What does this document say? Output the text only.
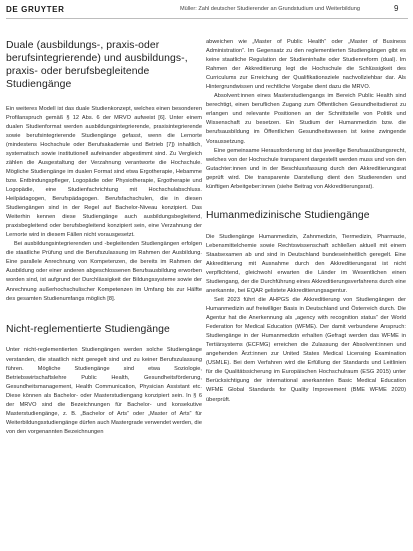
DE GRUYTER	Müller: Zahl deutscher Studierender an Grundstudium und Weiterbildung	9
Duale (ausbildungs-, praxis-oder berufsintegrierende) und ausbildungs-, praxis- oder berufsbegleitende Studiengänge

Ein weiteres Modell ist das duale Studienkonzept, welches einen besonderen Profilanspruch gemäß § 12 Abs. 6 der MRVO aufweist [6]. Unter einem dualen Studienformat werden ausbildungsintegrierende, praxisintegrierende sowie berufsintegrierende Studiengänge gefasst, wenn die Lernorte (mindestens Hochschule oder Berufsakademie und Betrieb [7]) inhaltlich, systematisch sowie institutionell aufeinander abgestimmt sind. Zu Vergleich zählen die Ausgestaltung der Verzahnung verantworte die Hochschule. Mögliche Studiengänge im dualen Format sind etwa Ergotherapie, Hebamme bzw. Entbindungspfleger, Logopädie oder Physiotherapie, Ergotherapie und Logopädie, eine Studienfachrichtung mit Hochschulabschluss. Heilpädagogen, Berufspädagogen. Berufsfachschulen, die in diesen Studiengängen sind in der Regel auf Bachelor-Niveau konzipiert. Das Weiterhin kennen diese Studiengänge auch ausbildungsbegleitend, praxisbegleitend oder berufsbegleitend konzipiert sein, eine Verzahnung der Lernorte wird in diesem Fällen nicht vorausgesetzt.

Bei ausbildungsintegrierenden und -begleitenden Studiengängen erfolgen die staatliche Prüfung und die Berufszulassung im Rahmen der Ausbildung. Eine parallele Anrechnung von Kompetenzen, die bereits im Rahmen der Ausbildung oder einer anderen abgeschlossenen Berufsausbildung erworben worden sind, ist aufgrund der Durchlässigkeit der Bildungssysteme sowie der Anrechnung außerhochschulischer Kompetenzen im Umfang bis zur Hälfte des gesamten Studienumfangs möglich [8].

Nicht-reglementierte Studiengänge

Unter nicht-reglementierten Studiengängen werden solche Studiengänge verstanden, die staatlich nicht geregelt sind und zu keiner Berufszulassung führen. Mögliche Studiengänge sind etwa Soziologie, Betriebswirtschaftslehre Public Health, Gesundheitsförderung, Gesundheitsmanagement, Health Communication, Physician Assistant etc. Diese können als Bachelor- oder Masterstudiengang konzipiert sein. In § 6 der MRVO sind die Bezeichnungen für Bachelor- und konsekutive Masterstudiengänge, z. B. „Bachelor of Arts“ oder „Master of Arts“ für Weiterbildungsstudiengänge dürfen auch Mastergrade verwendet werden, die von den vorgenannten Bezeichnungen

abweichen wie „Master of Public Health“ oder „Master of Business Administration“. Im Gegensatz zu den reglementierten Studiengängen gibt es keine staatliche Regulation der Studieninhalte oder Studienreform (dual). Im Rahmen der Akkreditierung legt die Hochschule die Schlüssigkeit des Curriculums zur Erreichung der Qualifikationsziele nachvollziehbar dar. Als Hintergrundwissen und rechtliche Vorgabe dient dazu die MRVO.

Absolvent:innen eines Masterstudiengangs im Bereich Public Health sind berechtigt, einen beruflichen Zugang zum Öffentlichen Gesundheitsdienst zu erlangen und relevante Positionen an der Schnittstelle von Politik und Wissenschaft zu besetzen. Ein Studium der Humanmedizin bzw. die berufsausbildung im Öffentlichen Gesundheitswesen ist keine zwingende Voraussetzung.

Eine gemeinsame Herausforderung ist das jeweilige Berufsausübungsrecht, welches von der Hochschule transparent dargestellt werden muss und von den Gutachter:innen und in der Beschlussfassung durch den Akkreditierungsrat geprüft wird. Die transparente Darstellung dient den Studierenden und künftigen Arbeitgeber:innen (siehe Beitrag von Akkreditierungsrat).

Humanmedizinische Studiengänge

Die Studiengänge Humanmedizin, Zahnmedizin, Tiermedizin, Pharmazie, Lebensmittelchemie sowie Rechtswissenschaft schließen aktuell mit einem Staatsexamen ab und sind in Deutschland bundeseinheitlich geregelt. Eine Akkreditierung mit Ausnahme durch den Akkreditierungsrat ist nicht verpflichtend, gleichwohl erwarten die Länder im Wesentlichen einen Studiengang, der die Durchführung eines Akkreditierungsverfahrens durch eine anerkannte, bei EQAR gelistete Akkreditierungsagentur.

Seit 2023 führt die AHPGS die Akkreditierung von Studiengängen der Humanmedizin auf freiwilliger Basis in Deutschland und Österreich durch. Die Agentur hat die Anerkennung als „agency with recognition status“ der World Federation for Medical Education (WFME). Der damit verbundene Anspruch: Studiengänge in der Humanmedizin erhalten (Gefragt werden das WFME in Tertiärsystems (ECFMG) erreichen die Zulassung der Absolvent:innen und angehenden Ärzt:innen zur United States Medical Licensing Examination (USMLE). Bei dem Verfahren wird die Erfüllung der Standards und Leitlinien für die Qualitätssicherung im Europäischen Hochschulraum (ESG 2015) unter Berücksichtigung der international anerkannten Basic Medical Education WFME Global Standards for Quality Improvement (BME WFME 2020) überprüft.
